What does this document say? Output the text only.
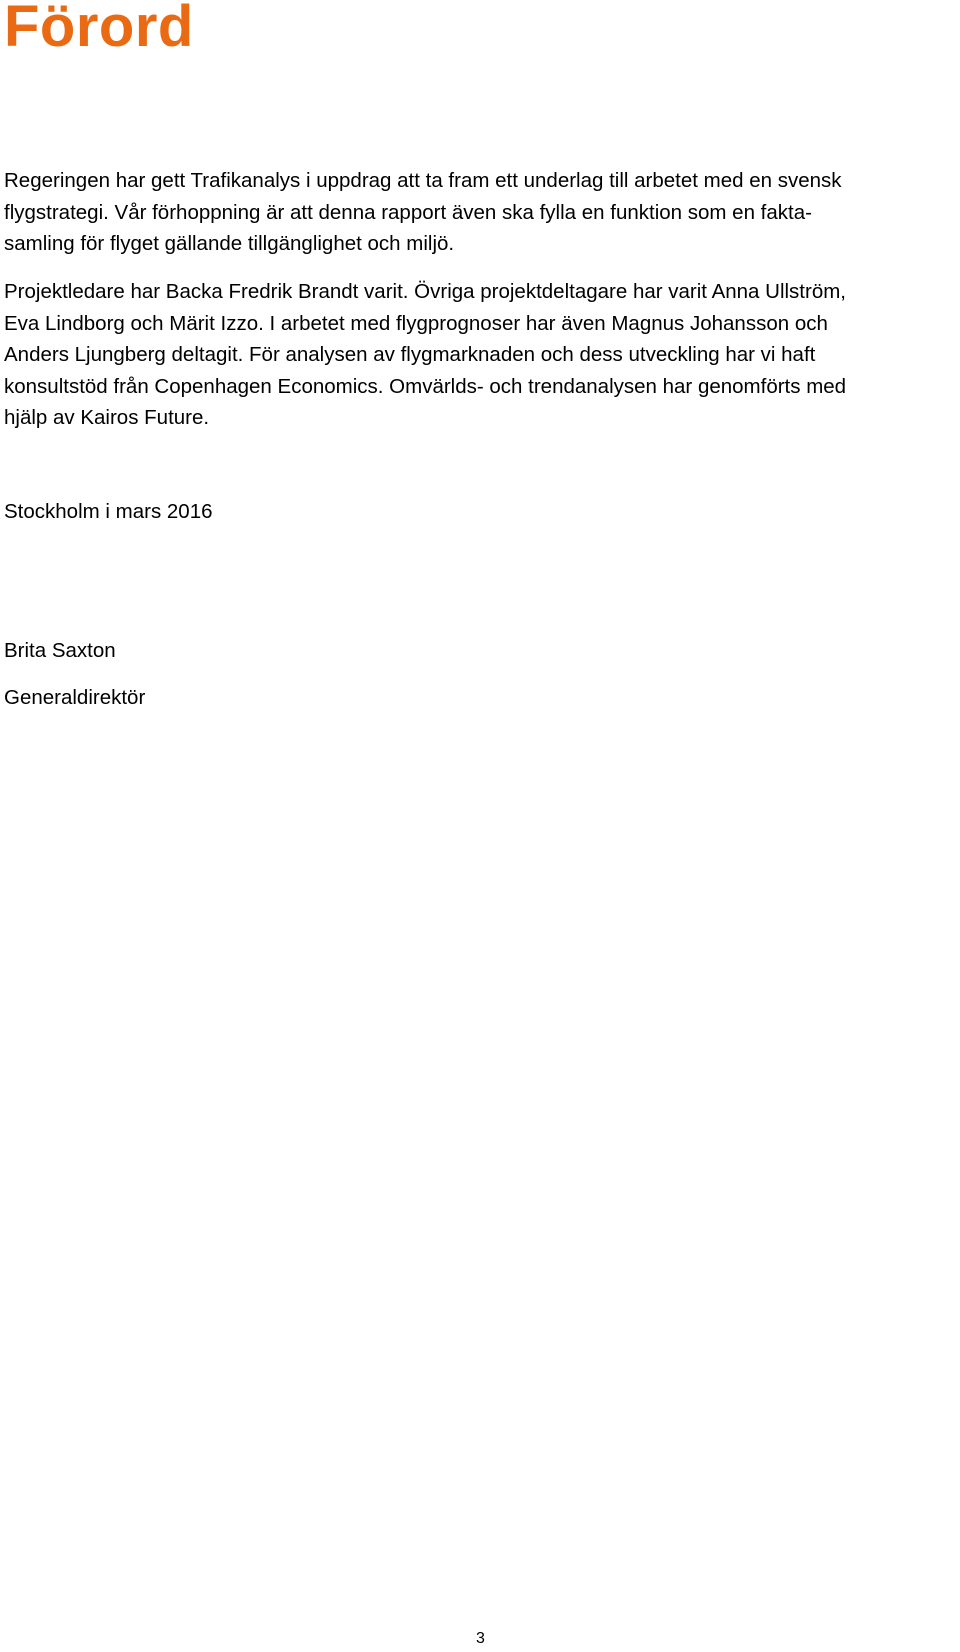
Förord

Regeringen har gett Trafikanalys i uppdrag att ta fram ett underlag till arbetet med en svensk
flygstrategi. Vår förhoppning är att denna rapport även ska fylla en funktion som en fakta-
samling för flyget gällande tillgänglighet och miljö.

Projektledare har Backa Fredrik Brandt varit. Övriga projektdeltagare har varit Anna Ullström,
Eva Lindborg och Märit Izzo. I arbetet med flygprognoser har även Magnus Johansson och
Anders Ljungberg deltagit. För analysen av flygmarknaden och dess utveckling har vi haft
konsultstöd från Copenhagen Economics. Omvärlds- och trendanalysen har genomförts med
hjälp av Kairos Future.

Stockholm i mars 2016

Brita Saxton

Generaldirektör

3
